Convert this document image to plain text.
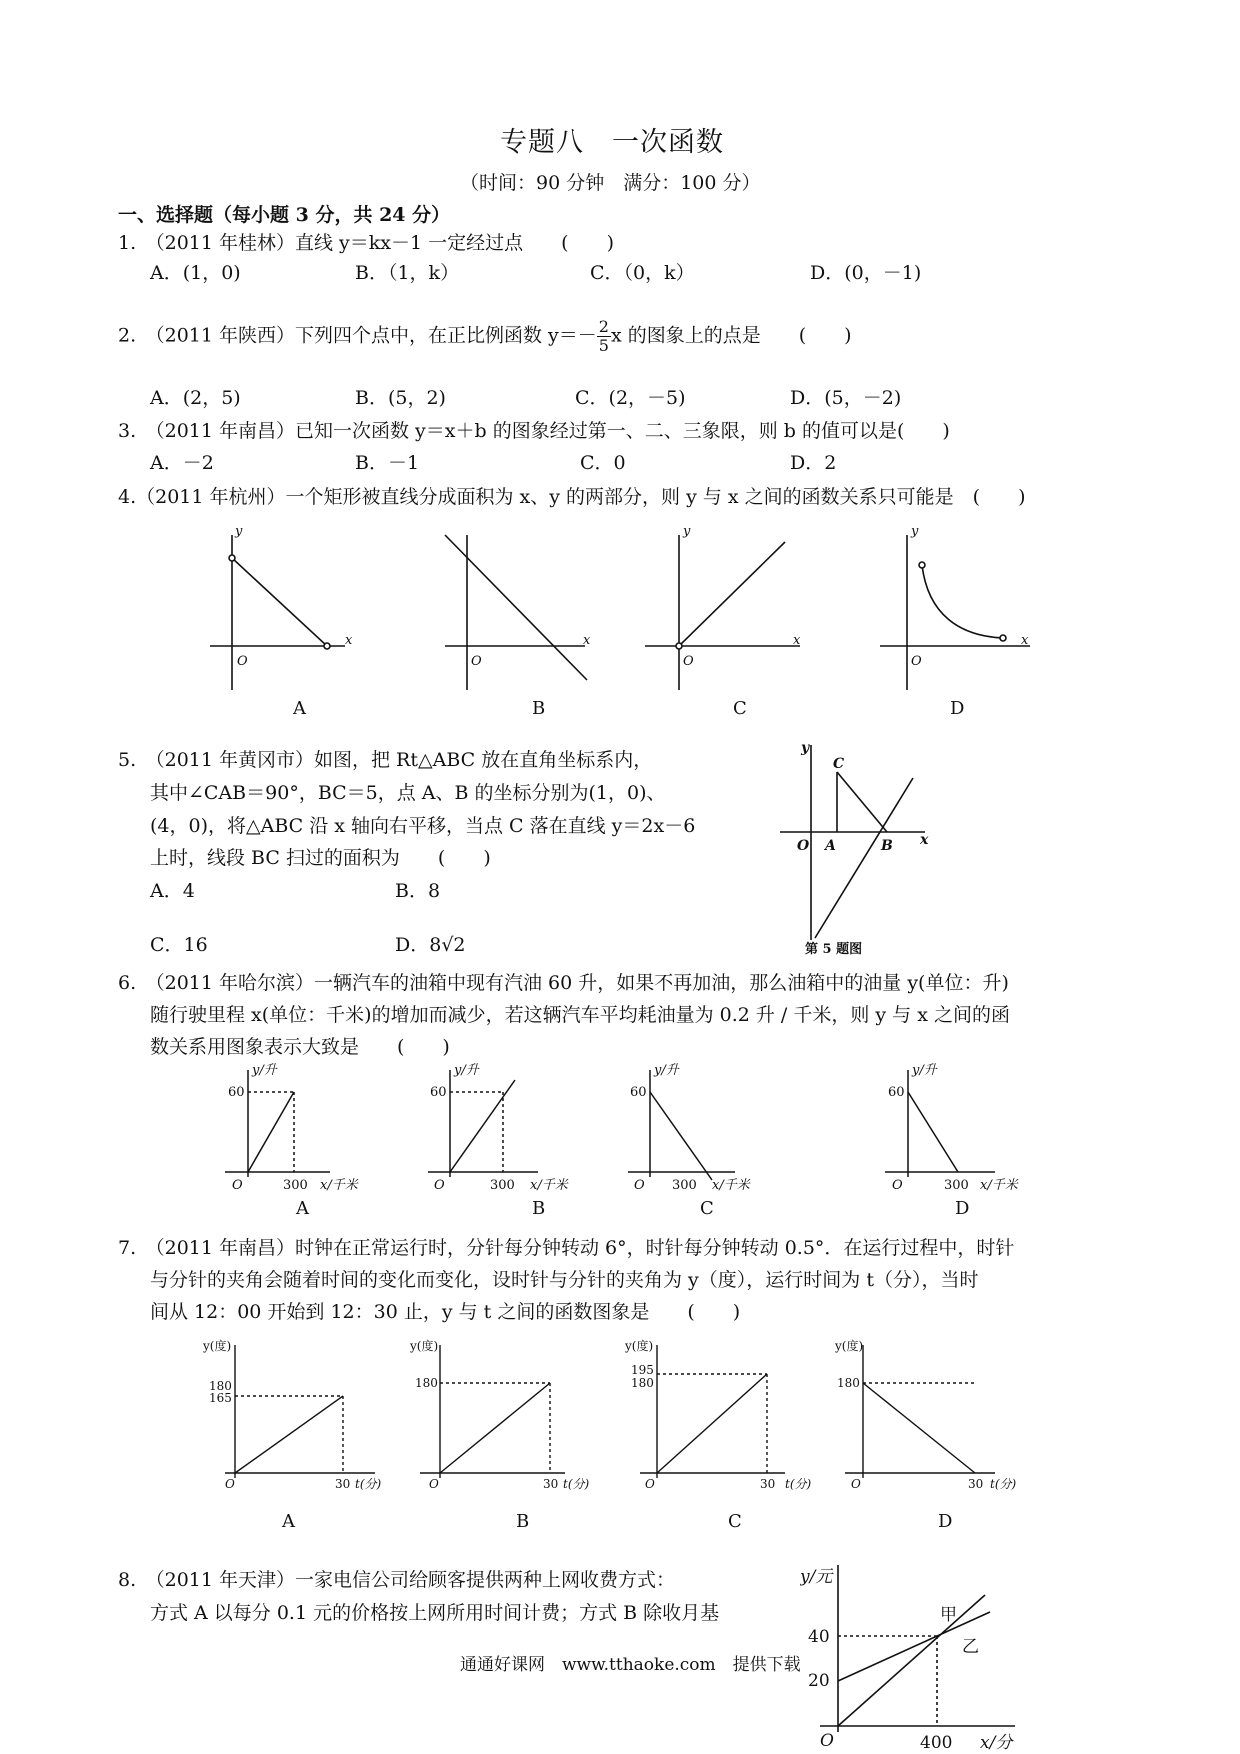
专题八　一次函数
（时间：90 分钟　满分：100 分）
一、选择题（每小题 3 分，共 24 分）
1.　（2011 年桂林）直线 y＝kx－1 一定经过点　　(　　)
A．(1，0)	B．（1，k）	C．（0，k）	D．(0，－1)
2.　（2011 年陕西）下列四个点中，在正比例函数 $y=- \frac{2}{5}$ x 的图象上的点是　　(　　)
A．(2，5)	B．(5，2)	C．(2，－5)	D．(5，－2)
3.　（2011 年南昌）已知一次函数 y＝x＋b 的图象经过第一、二、三象限，则 b 的值可以是(　　)
A．－2	B．－1	C．0	D．2
4.（2011 年杭州）一个矩形被直线分成面积为 x、y 的两部分，则 y 与 x 之间的函数关系只可能是　(　　)
x
y
O
x
O
x
y
O
x
y
O
A	B	C	D
5.　（2011 年黄冈市）如图，把 Rt△ABC 放在直角坐标系内，
其中∠CAB＝90°，BC＝5，点 A、B 的坐标分别为(1，0)、
(4，0)，将△ABC 沿 x 轴向右平移，当点 C 落在直线 y＝2x－6
上时，线段 BC 扫过的面积为　　(　　)
A．4	B．8
C．16	D．8√2
y
C
O A	B x
第 5 题图
6.　（2011 年哈尔滨）一辆汽车的油箱中现有汽油 60 升，如果不再加油，那么油箱中的油量 y(单位：升)
随行驶里程 x(单位：千米)的增加而减少，若这辆汽车平均耗油量为 0.2 升 / 千米，则 y 与 x 之间的函
数关系用图象表示大致是　　(　　)
y/升
60
O	300 x/千米
y/升
60
O	300 x/千米
y/升
60
O 300 x/千米
y/升
60
O	300 x/千米
A	B	C	D
7.　（2011 年南昌）时钟在正常运行时，分针每分钟转动 6°，时针每分钟转动 0.5°．在运行过程中，时针
与分针的夹角会随着时间的变化而变化，设时针与分针的夹角为 y（度），运行时间为 t（分），当时
间从 12：00 开始到 12：30 止，y 与 t 之间的函数图象是　　(　　)
y(度)
180
165
O	30 t(分)
y(度)
180
O	30 t(分)
y(度)
195
180
O	30 t(分)
y(度)
180
O	30 t(分)
A	B	C	D
8.　（2011 年天津）一家电信公司给顾客提供两种上网收费方式：
方式 A 以每分 0.1 元的价格按上网所用时间计费；方式 B 除收月基
y/元
40
20
O	400 x/分
甲
乙
通通好课网　www.tthaoke.com　提供下载
